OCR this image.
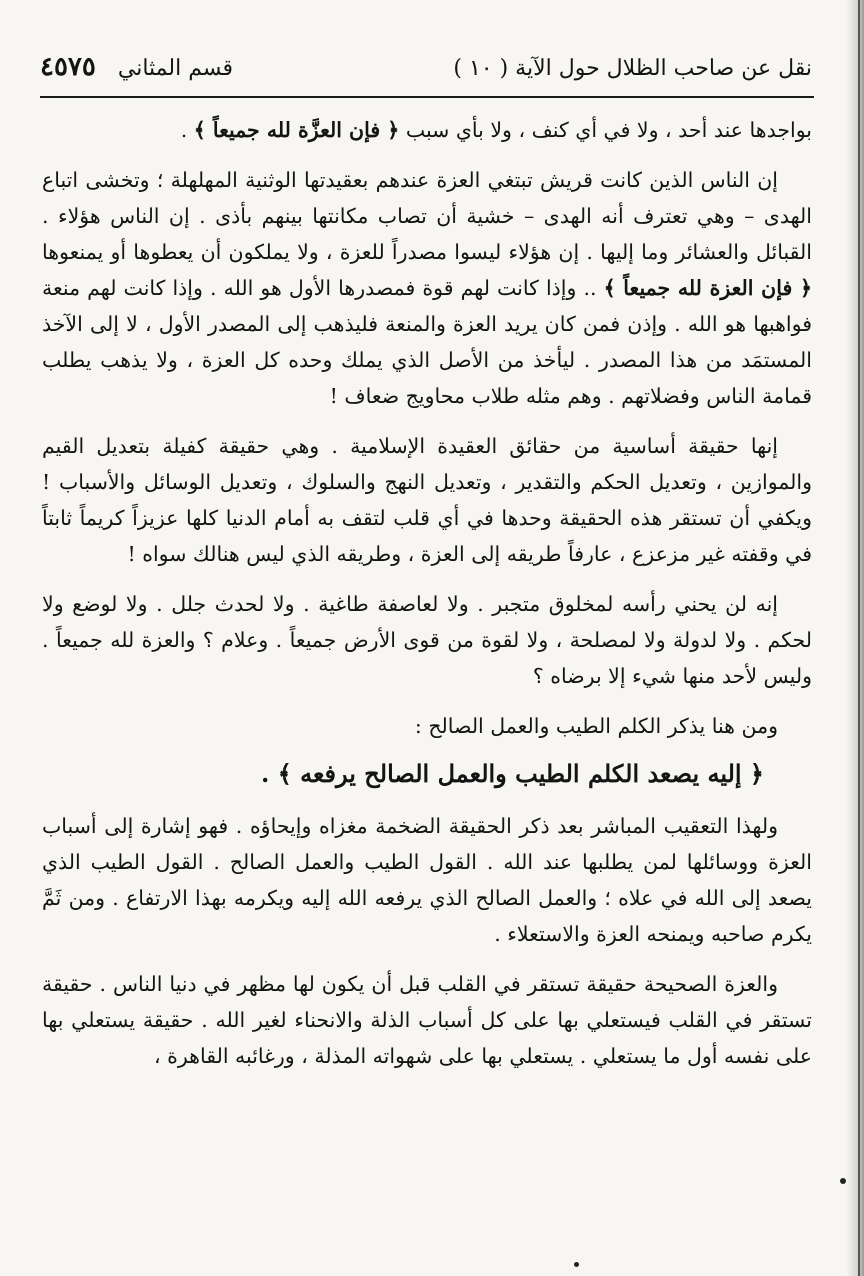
نقل عن صاحب الظلال حول الآية ( ١٠ )
قسم المثاني
٤٥٧٥

بواجدها عند أحد ، ولا في أي كنف ، ولا بأي سبب ﴿ فإن العزَّة لله جميعاً ﴾ .

إن الناس الذين كانت قريش تبتغي العزة عندهم بعقيدتها الوثنية المهلهلة ؛ وتخشى اتباع الهدى – وهي تعترف أنه الهدى – خشية أن تصاب مكانتها بينهم بأذى . إن الناس هؤلاء . القبائل والعشائر وما إليها . إن هؤلاء ليسوا مصدراً للعزة ، ولا يملكون أن يعطوها أو يمنعوها ﴿ فإن العزة لله جميعاً ﴾ .. وإذا كانت لهم قوة فمصدرها الأول هو الله . وإذا كانت لهم منعة فواهبها هو الله . وإذن فمن كان يريد العزة والمنعة فليذهب إلى المصدر الأول ، لا إلى الآخذ المستمَد من هذا المصدر . ليأخذ من الأصل الذي يملك وحده كل العزة ، ولا يذهب يطلب قمامة الناس وفضلاتهم . وهم مثله طلاب محاويج ضعاف !

إنها حقيقة أساسية من حقائق العقيدة الإسلامية . وهي حقيقة كفيلة بتعديل القيم والموازين ، وتعديل الحكم والتقدير ، وتعديل النهج والسلوك ، وتعديل الوسائل والأسباب ! ويكفي أن تستقر هذه الحقيقة وحدها في أي قلب لتقف به أمام الدنيا كلها عزيزاً كريماً ثابتاً في وقفته غير مزعزع ، عارفاً طريقه إلى العزة ، وطريقه الذي ليس هنالك سواه !

إنه لن يحني رأسه لمخلوق متجبر . ولا لعاصفة طاغية . ولا لحدث جلل . ولا لوضع ولا لحكم . ولا لدولة ولا لمصلحة ، ولا لقوة من قوى الأرض جميعاً . وعلام ؟ والعزة لله جميعاً . وليس لأحد منها شيء إلا برضاه ؟

ومن هنا يذكر الكلم الطيب والعمل الصالح :

﴿ إليه يصعد الكلم الطيب والعمل الصالح يرفعه ﴾ .

ولهذا التعقيب المباشر بعد ذكر الحقيقة الضخمة مغزاه وإيحاؤه . فهو إشارة إلى أسباب العزة ووسائلها لمن يطلبها عند الله . القول الطيب والعمل الصالح . القول الطيب الذي يصعد إلى الله في علاه ؛ والعمل الصالح الذي يرفعه الله إليه ويكرمه بهذا الارتفاع . ومن ثَمَّ يكرم صاحبه ويمنحه العزة والاستعلاء .

والعزة الصحيحة حقيقة تستقر في القلب قبل أن يكون لها مظهر في دنيا الناس . حقيقة تستقر في القلب فيستعلي بها على كل أسباب الذلة والانحناء لغير الله . حقيقة يستعلي بها على نفسه أول ما يستعلي . يستعلي بها على شهواته المذلة ، ورغائبه القاهرة ،
